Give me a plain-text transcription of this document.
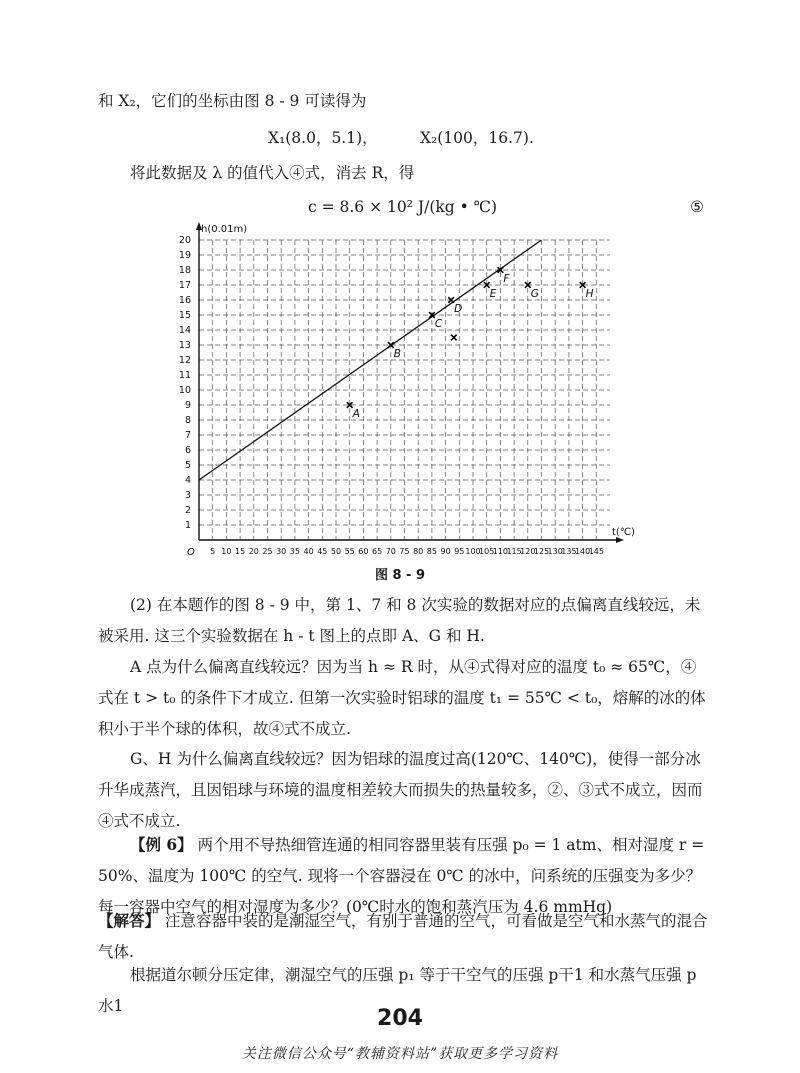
和 X₂，它们的坐标由图 8 - 9 可读得为
X₁(8.0，5.1)，	X₂(100，16.7).
将此数据及 λ 的值代入④式，消去 R，得
c = 8.6 × 10² J/(kg • ℃)	⑤
5 10 15 20 25 30 35 40 45 50 55 60 65 70 75 80 85 90 95 100
105
110
115
120
125
130
135
140
145
1
2
3
4
5
6
7
8
9
10
11
12
13
14
15
16
17
18
19
20
O
h(0.01m)
t(℃)
A
B
C
D
E
F
G	H
图 8 - 9
(2) 在本题作的图 8 - 9 中，第 1、7 和 8 次实验的数据对应的点偏离直线较远，未被采用. 这三个实验数据在 h - t 图上的点即 A、G 和 H.
A 点为什么偏离直线较远？因为当 h ≈ R 时，从④式得对应的温度 t₀ ≈ 65℃，④式在 t > t₀ 的条件下才成立. 但第一次实验时铝球的温度 t₁ = 55℃ < t₀，熔解的冰的体积小于半个球的体积，故④式不成立.
G、H 为什么偏离直线较远？因为铝球的温度过高(120℃、140℃)，使得一部分冰升华成蒸汽，且因铝球与环境的温度相差较大而损失的热量较多，②、③式不成立，因而④式不成立.
【例 6】 两个用不导热细管连通的相同容器里装有压强 p₀ = 1 atm、相对湿度 r = 50%、温度为 100℃ 的空气. 现将一个容器浸在 0℃ 的冰中，问系统的压强变为多少？每一容器中空气的相对湿度为多少？(0℃时水的饱和蒸汽压为 4.6 mmHg)
【解答】 注意容器中装的是潮湿空气，有别于普通的空气，可看做是空气和水蒸气的混合气体.
根据道尔顿分压定律，潮湿空气的压强 p₁ 等于干空气的压强 p干1 和水蒸气压强 p水1	204
关注微信公众号“教辅资料站”获取更多学习资料
